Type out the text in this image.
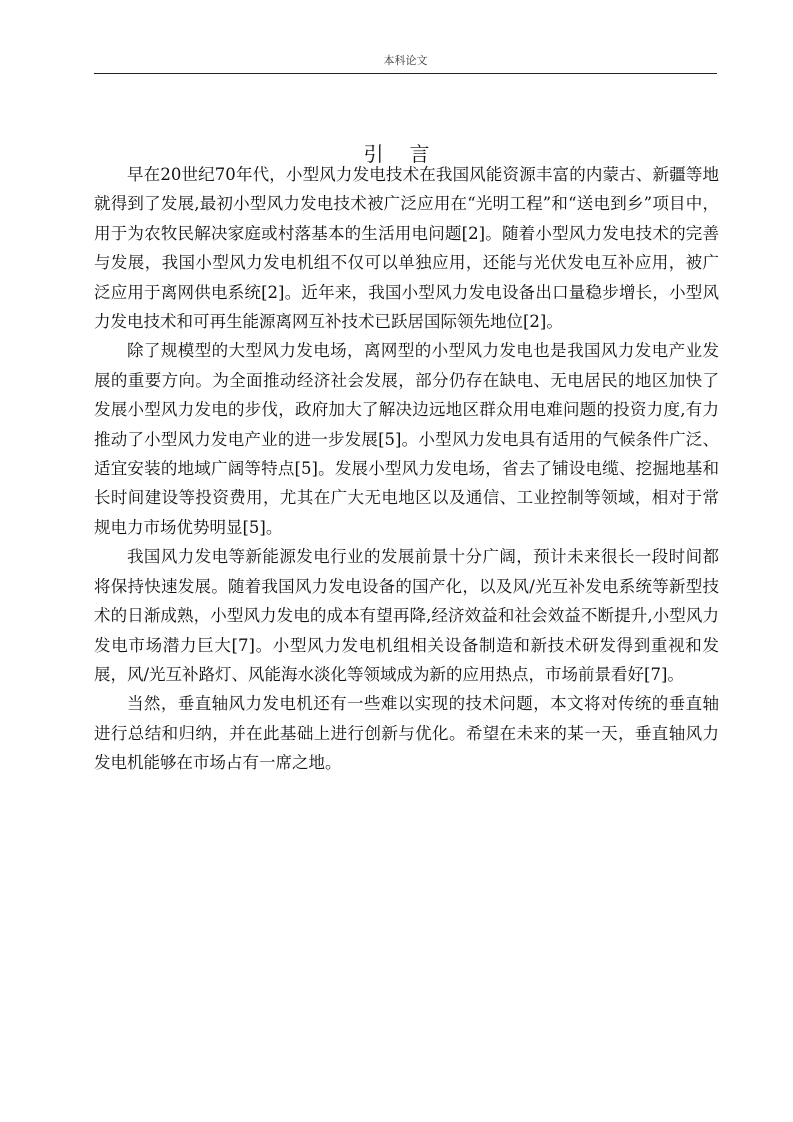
本科论文
引言

早在20世纪70年代，小型风力发电技术在我国风能资源丰富的内蒙古、新疆等地就得到了发展,最初小型风力发电技术被广泛应用在“光明工程”和“送电到乡”项目中，用于为农牧民解决家庭或村落基本的生活用电问题[2]。随着小型风力发电技术的完善与发展，我国小型风力发电机组不仅可以单独应用，还能与光伏发电互补应用，被广泛应用于离网供电系统[2]。近年来，我国小型风力发电设备出口量稳步增长，小型风力发电技术和可再生能源离网互补技术已跃居国际领先地位[2]。

除了规模型的大型风力发电场，离网型的小型风力发电也是我国风力发电产业发展的重要方向。为全面推动经济社会发展，部分仍存在缺电、无电居民的地区加快了发展小型风力发电的步伐，政府加大了解决边远地区群众用电难问题的投资力度,有力推动了小型风力发电产业的进一步发展[5]。小型风力发电具有适用的气候条件广泛、适宜安装的地域广阔等特点[5]。发展小型风力发电场，省去了铺设电缆、挖掘地基和长时间建设等投资费用，尤其在广大无电地区以及通信、工业控制等领域，相对于常规电力市场优势明显[5]。

我国风力发电等新能源发电行业的发展前景十分广阔，预计未来很长一段时间都将保持快速发展。随着我国风力发电设备的国产化，以及风/光互补发电系统等新型技术的日渐成熟，小型风力发电的成本有望再降,经济效益和社会效益不断提升,小型风力发电市场潜力巨大[7]。小型风力发电机组相关设备制造和新技术研发得到重视和发展，风/光互补路灯、风能海水淡化等领域成为新的应用热点，市场前景看好[7]。

当然，垂直轴风力发电机还有一些难以实现的技术问题，本文将对传统的垂直轴进行总结和归纳，并在此基础上进行创新与优化。希望在未来的某一天，垂直轴风力发电机能够在市场占有一席之地。
